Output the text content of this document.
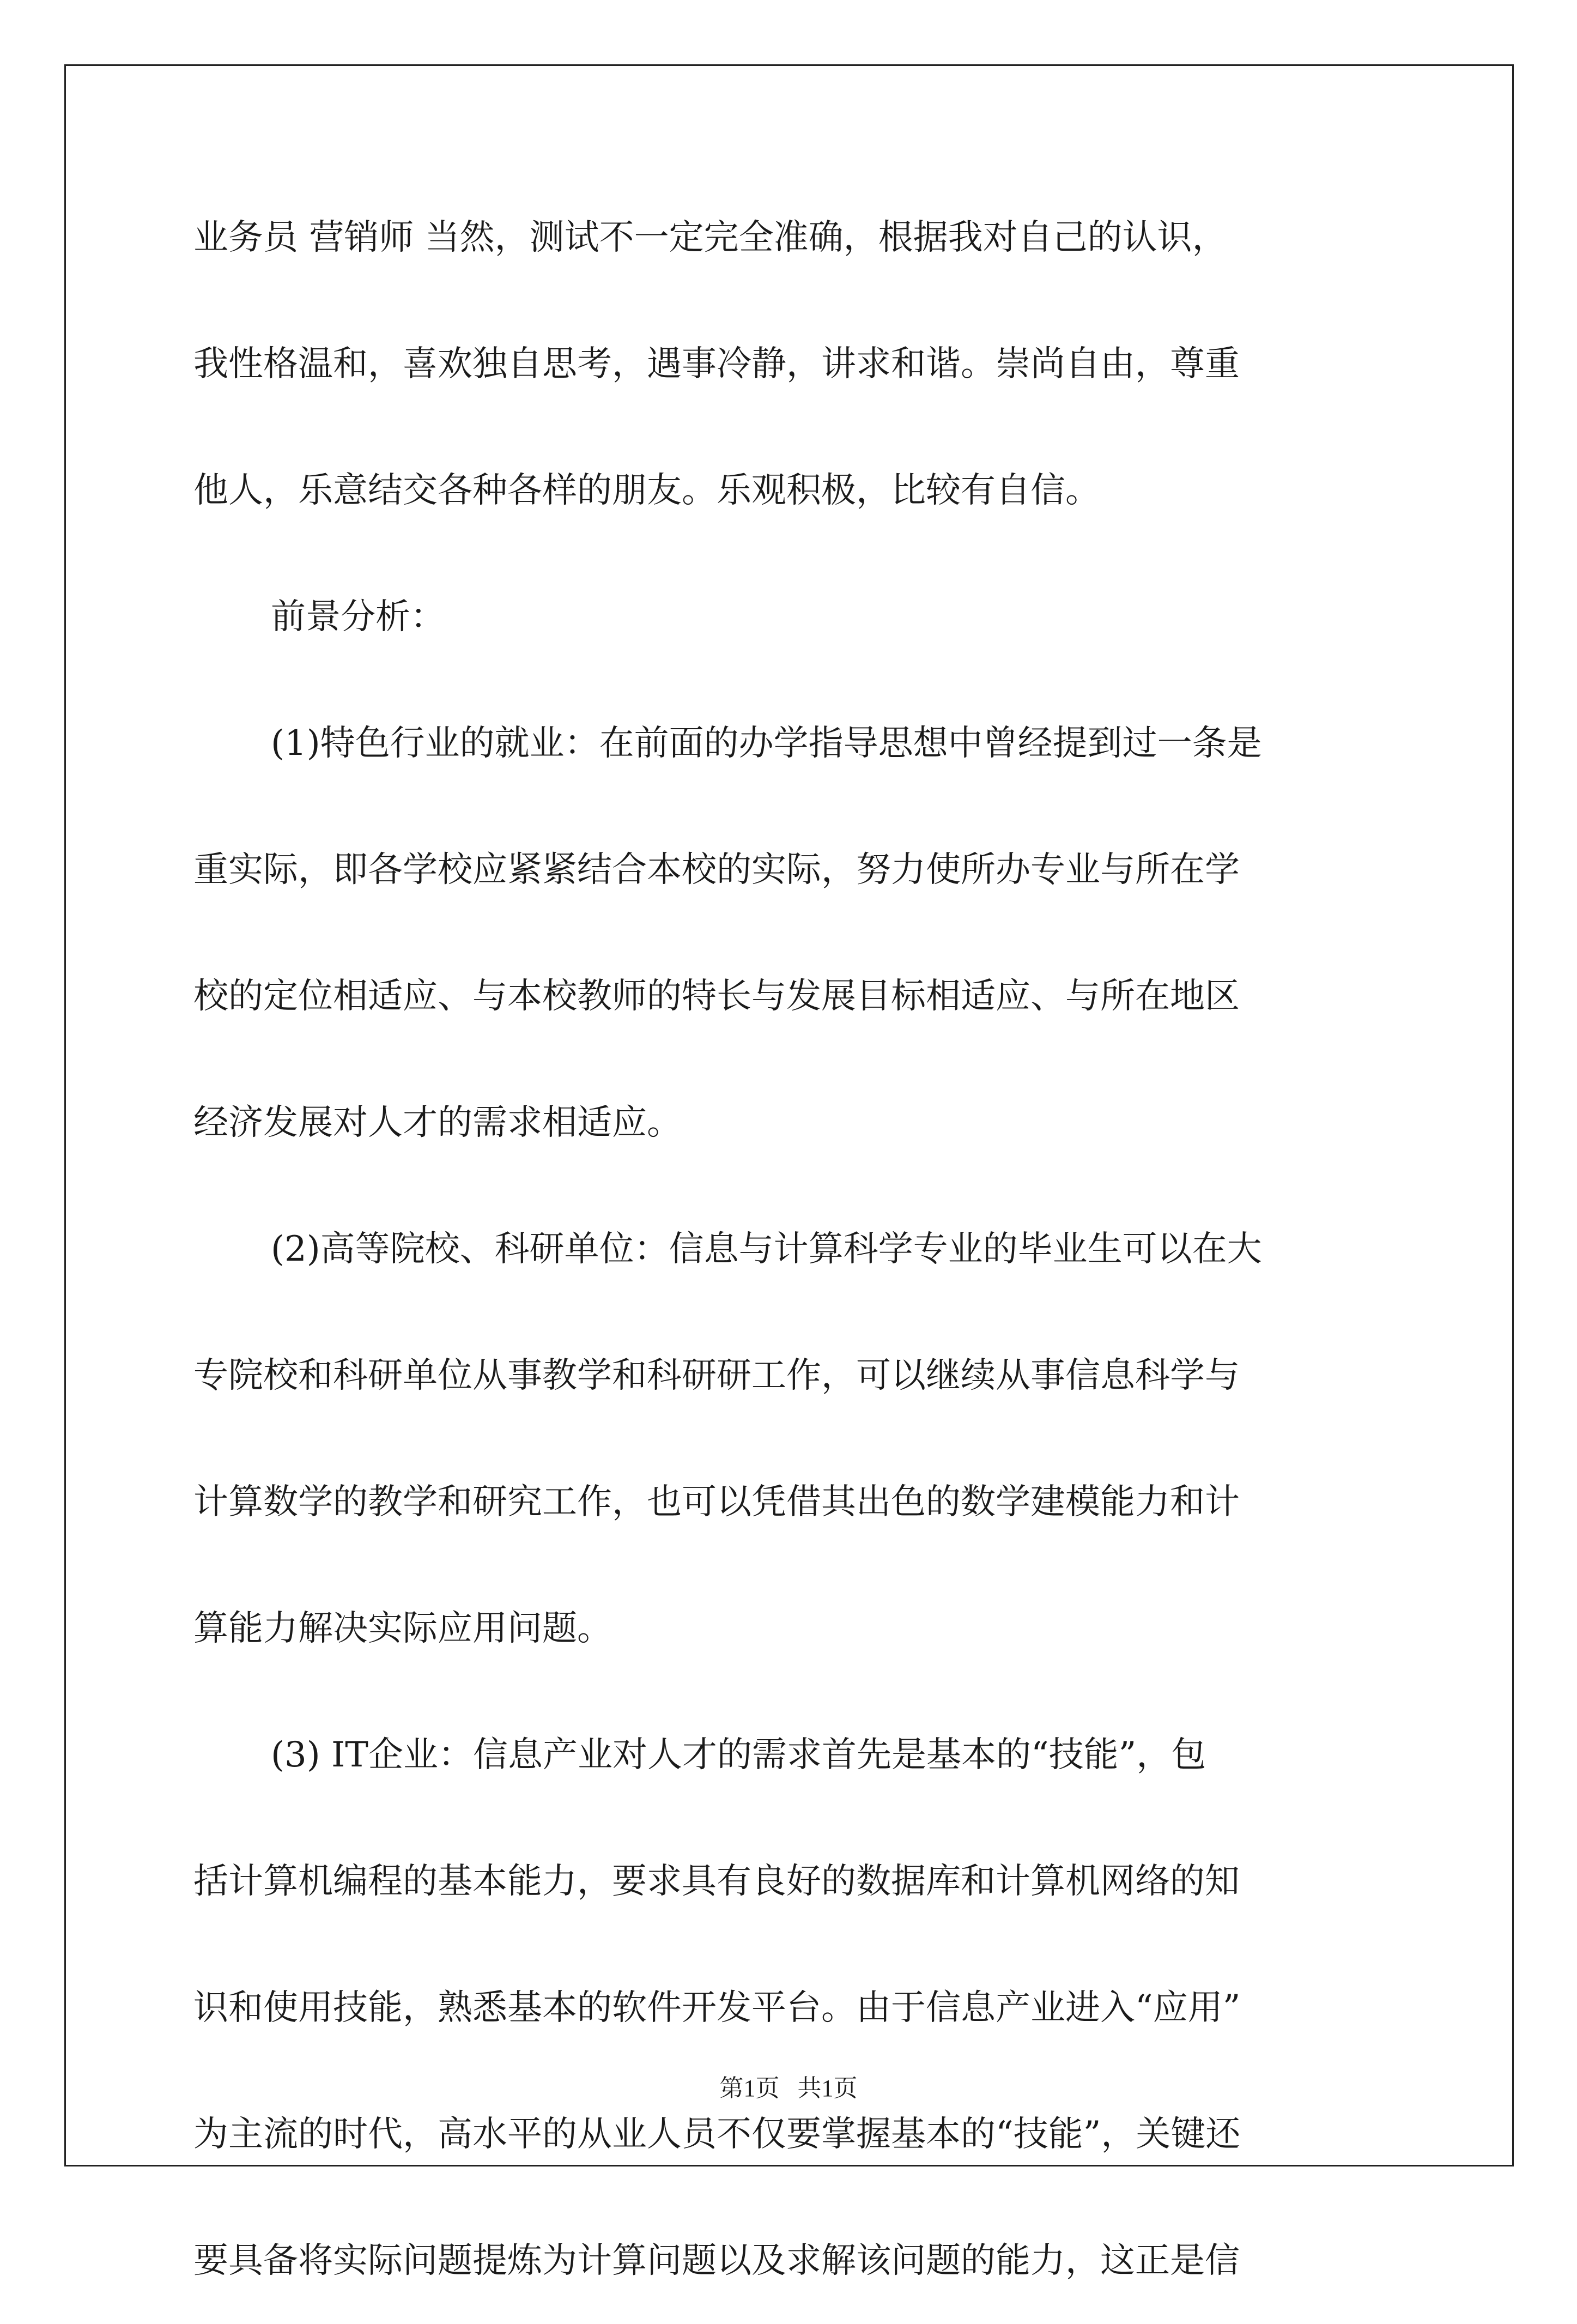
业务员 营销师 当然，测试不一定完全准确，根据我对自己的认识，
我性格温和，喜欢独自思考，遇事冷静，讲求和谐。崇尚自由，尊重
他人，乐意结交各种各样的朋友。乐观积极，比较有自信。
前景分析：
(1)特色行业的就业：在前面的办学指导思想中曾经提到过一条是
重实际，即各学校应紧紧结合本校的实际，努力使所办专业与所在学
校的定位相适应、与本校教师的特长与发展目标相适应、与所在地区
经济发展对人才的需求相适应。
(2)高等院校、科研单位：信息与计算科学专业的毕业生可以在大
专院校和科研单位从事教学和科研研工作，可以继续从事信息科学与
计算数学的教学和研究工作，也可以凭借其出色的数学建模能力和计
算能力解决实际应用问题。
(3) IT企业：信息产业对人才的需求首先是基本的“技能”，包
括计算机编程的基本能力，要求具有良好的数据库和计算机网络的知
识和使用技能，熟悉基本的软件开发平台。由于信息产业进入“应用”
为主流的时代，高水平的从业人员不仅要掌握基本的“技能”，关键还
要具备将实际问题提炼为计算问题以及求解该问题的能力，这正是信
第1页   共1页
